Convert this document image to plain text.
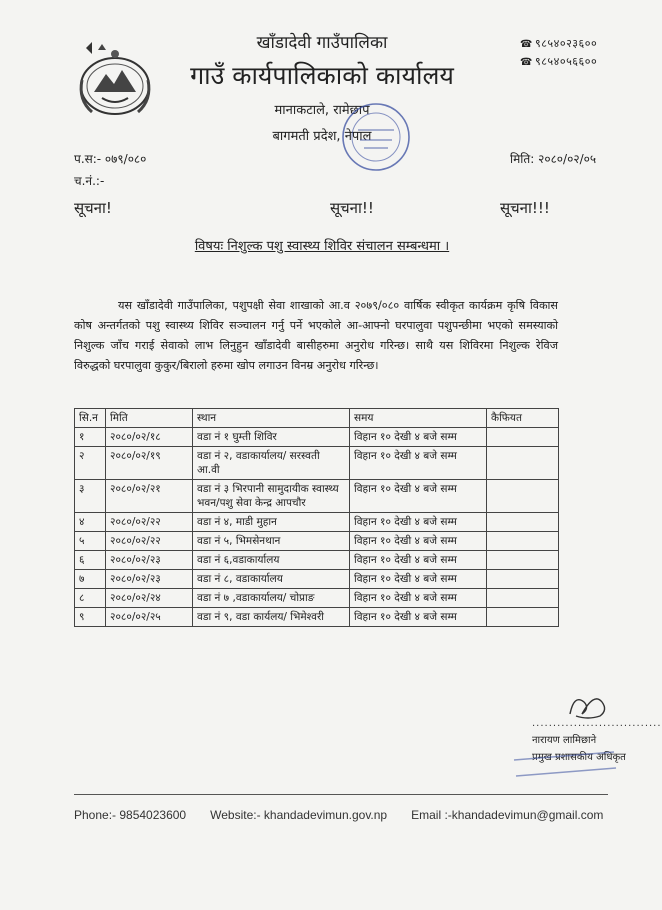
खाँडादेवी गाउँपालिका
गाउँ कार्यपालिकाको कार्यालय
मानाकटाले, रामेछाप
बागमती प्रदेश, नेपाल
☎ ९८५४०२३६००
☎ ९८५४०५६६००
प.स:- ०७९/०८०
च.नं.:-
मिति: २०८०/०२/०५
सूचना!	सूचना!!	सूचना!!!
विषयः निशुल्क पशु स्वास्थ्य शिविर संचालन सम्बन्धमा ।
यस खाँडादेवी गाउँपालिका, पशुपक्षी सेवा शाखाको आ.व २०७९/०८० वार्षिक स्वीकृत कार्यक्रम कृषि विकास कोष अन्तर्गतको पशु स्वास्थ्य शिविर सञ्चालन गर्नु पर्ने भएकोले आ-आफ्नो घरपालुवा पशुपन्छीमा भएको समस्याको निशुल्क जाँच गराई सेवाको लाभ लिनुहुन खाँडादेवी बासीहरुमा अनुरोध गरिन्छ। साथै यस शिविरमा निशुल्क रेविज विरुद्धको घरपालुवा कुकुर/बिरालो हरुमा खोप लगाउन विनम्र अनुरोध गरिन्छ।
सि.न	मिति	स्थान	समय	कैफियत
१	२०८०/०२/१८	वडा नं १ घुम्ती शिविर	विहान १० देखी ४ बजे सम्म	
२	२०८०/०२/१९	वडा नं २, वडाकार्यालय/ सरस्वती आ.वी	विहान १० देखी ४ बजे सम्म	
३	२०८०/०२/२१	वडा नं ३ भिरपानी सामुदायीक स्वास्थ्य भवन/पशु सेवा केन्द्र आपचौर	विहान १० देखी ४ बजे सम्म	
४	२०८०/०२/२२	वडा नं ४, माडी मुहान	विहान १० देखी ४ बजे सम्म	
५	२०८०/०२/२२	वडा नं ५, भिमसेनथान	विहान १० देखी ४ बजे सम्म	
६	२०८०/०२/२३	वडा नं ६,वडाकार्यालय	विहान १० देखी ४ बजे सम्म	
७	२०८०/०२/२३	वडा नं ८, वडाकार्यालय	विहान १० देखी ४ बजे सम्म	
८	२०८०/०२/२४	वडा नं ७ ,वडाकार्यालय/ चोप्राङ	विहान १० देखी ४ बजे सम्म	
९	२०८०/०२/२५	वडा नं ९, वडा कार्यलय/ भिमेश्वरी	विहान १० देखी ४ बजे सम्म	
...............................
नारायण लामिछाने
प्रमुख प्रशासकीय अधिकृत
Phone:- 9854023600 Website:- khandadevimun.gov.np Email :-khandadevimun@gmail.com
